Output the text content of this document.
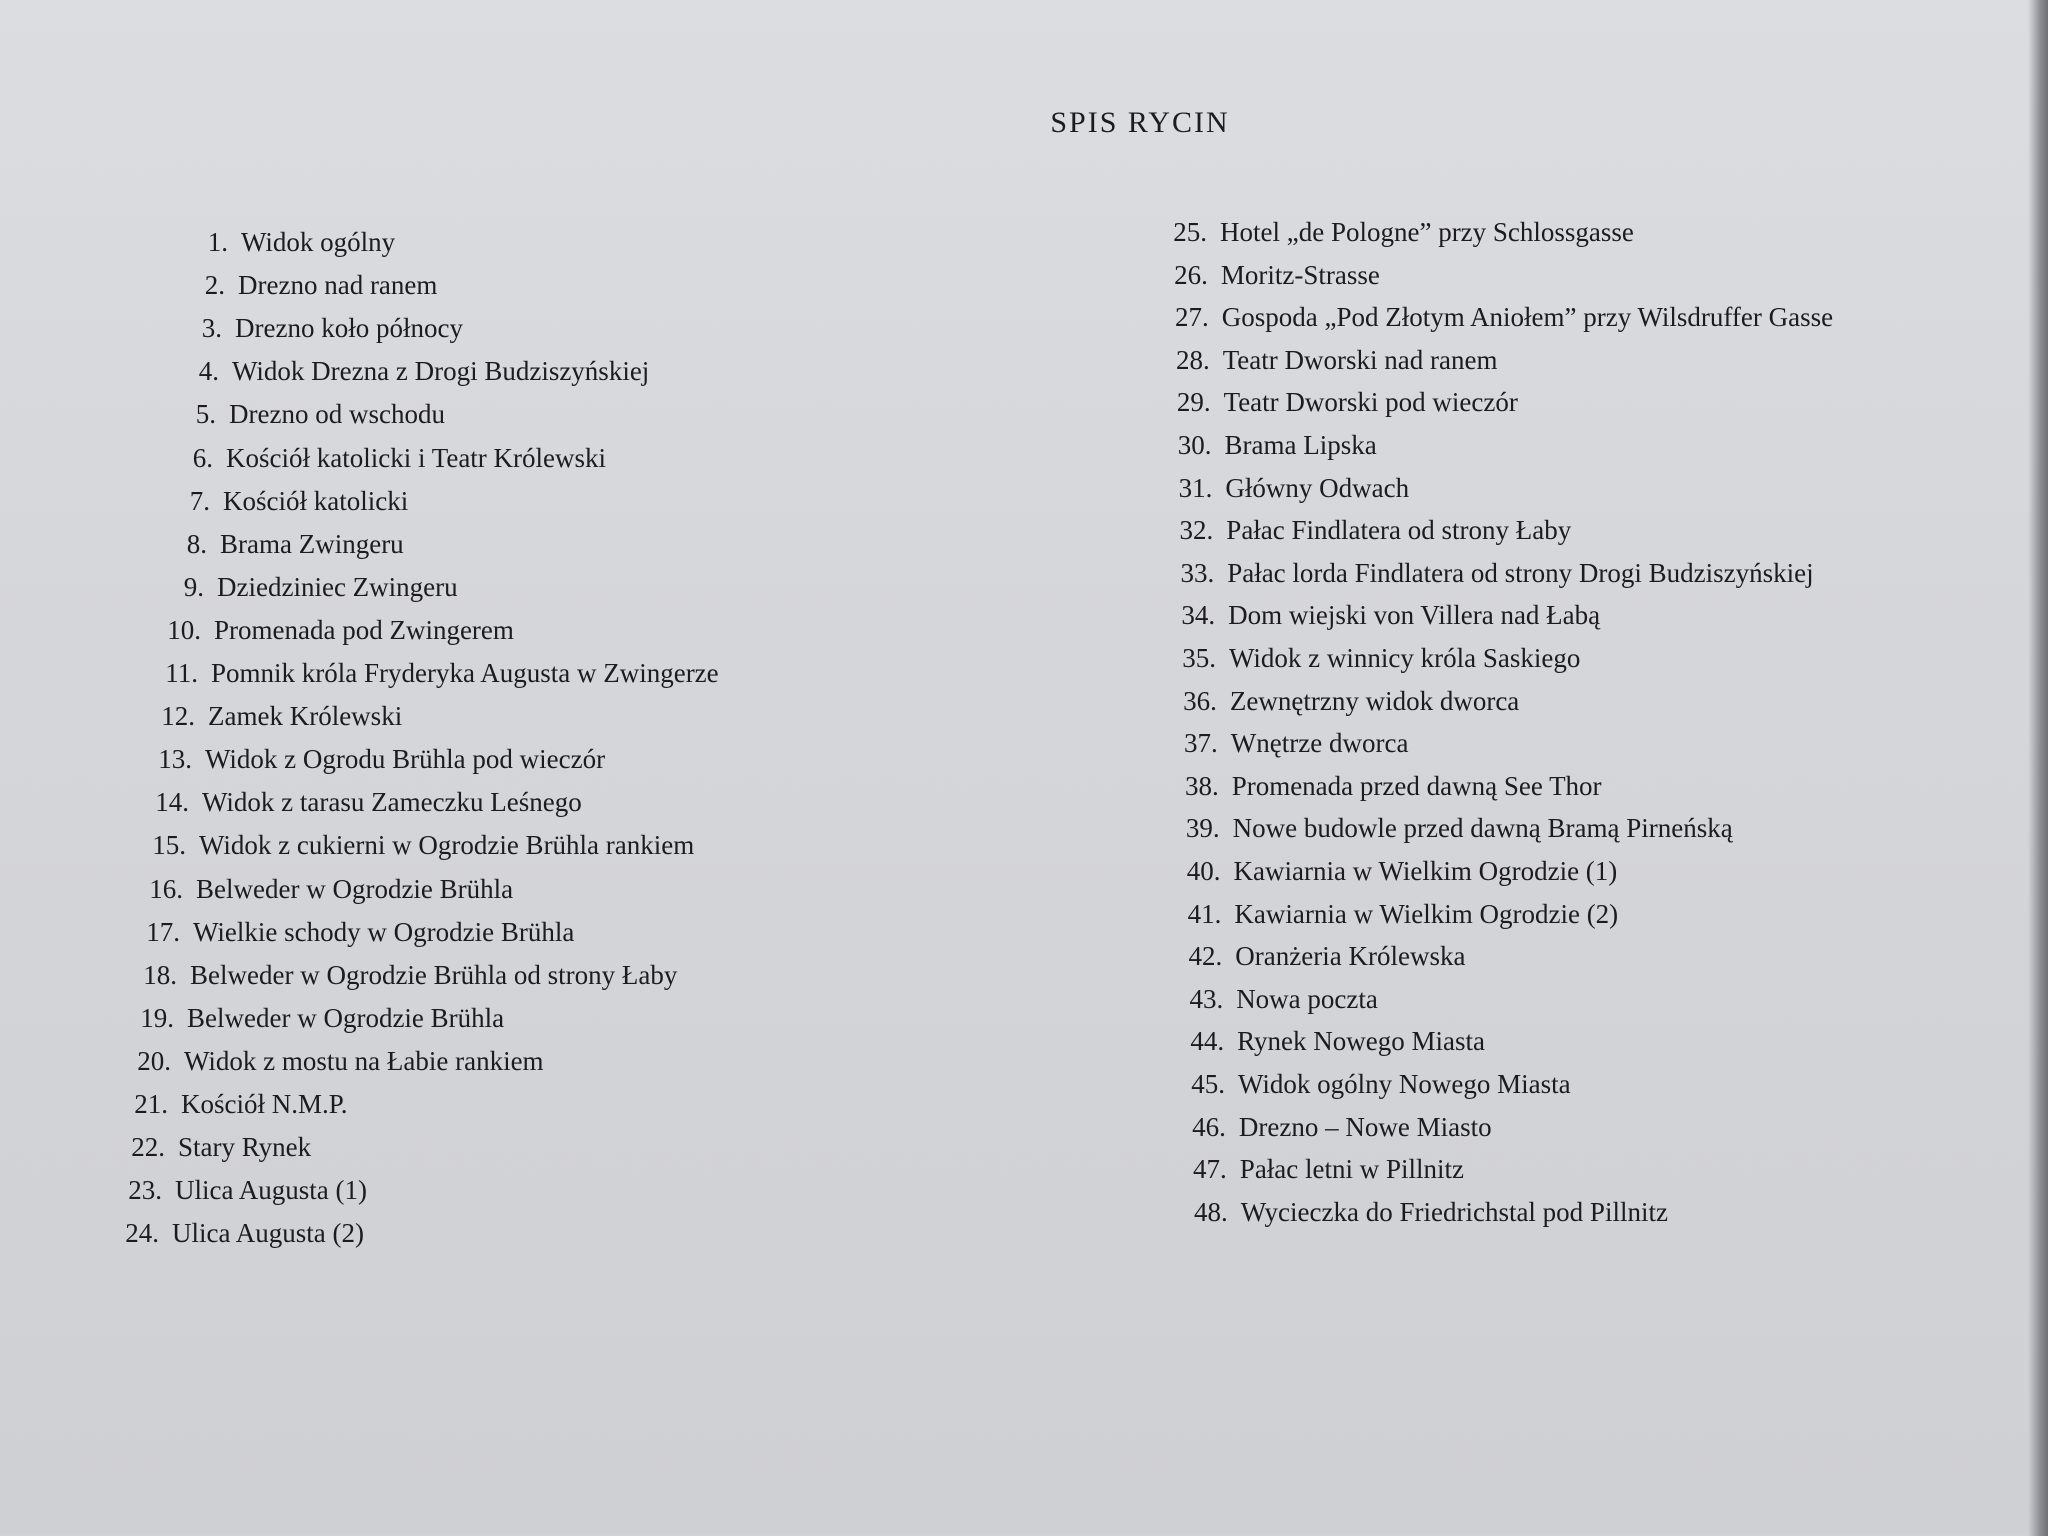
SPIS RYCIN
1. Widok ogólny
2. Drezno nad ranem
3. Drezno koło północy
4. Widok Drezna z Drogi Budziszyńskiej
5. Drezno od wschodu
6. Kościół katolicki i Teatr Królewski
7. Kościół katolicki
8. Brama Zwingeru
9. Dziedziniec Zwingeru
10. Promenada pod Zwingerem
11. Pomnik króla Fryderyka Augusta w Zwingerze
12. Zamek Królewski
13. Widok z Ogrodu Brühla pod wieczór
14. Widok z tarasu Zameczku Leśnego
15. Widok z cukierni w Ogrodzie Brühla rankiem
16. Belweder w Ogrodzie Brühla
17. Wielkie schody w Ogrodzie Brühla
18. Belweder w Ogrodzie Brühla od strony Łaby
19. Belweder w Ogrodzie Brühla
20. Widok z mostu na Łabie rankiem
21. Kościół N.M.P.
22. Stary Rynek
23. Ulica Augusta (1)
24. Ulica Augusta (2)
25. Hotel „de Pologne” przy Schlossgasse
26. Moritz-Strasse
27. Gospoda „Pod Złotym Aniołem” przy Wilsdruffer Gasse
28. Teatr Dworski nad ranem
29. Teatr Dworski pod wieczór
30. Brama Lipska
31. Główny Odwach
32. Pałac Findlatera od strony Łaby
33. Pałac lorda Findlatera od strony Drogi Budziszyńskiej
34. Dom wiejski von Villera nad Łabą
35. Widok z winnicy króla Saskiego
36. Zewnętrzny widok dworca
37. Wnętrze dworca
38. Promenada przed dawną See Thor
39. Nowe budowle przed dawną Bramą Pirneńską
40. Kawiarnia w Wielkim Ogrodzie (1)
41. Kawiarnia w Wielkim Ogrodzie (2)
42. Oranżeria Królewska
43. Nowa poczta
44. Rynek Nowego Miasta
45. Widok ogólny Nowego Miasta
46. Drezno – Nowe Miasto
47. Pałac letni w Pillnitz
48. Wycieczka do Friedrichstal pod Pillnitz
